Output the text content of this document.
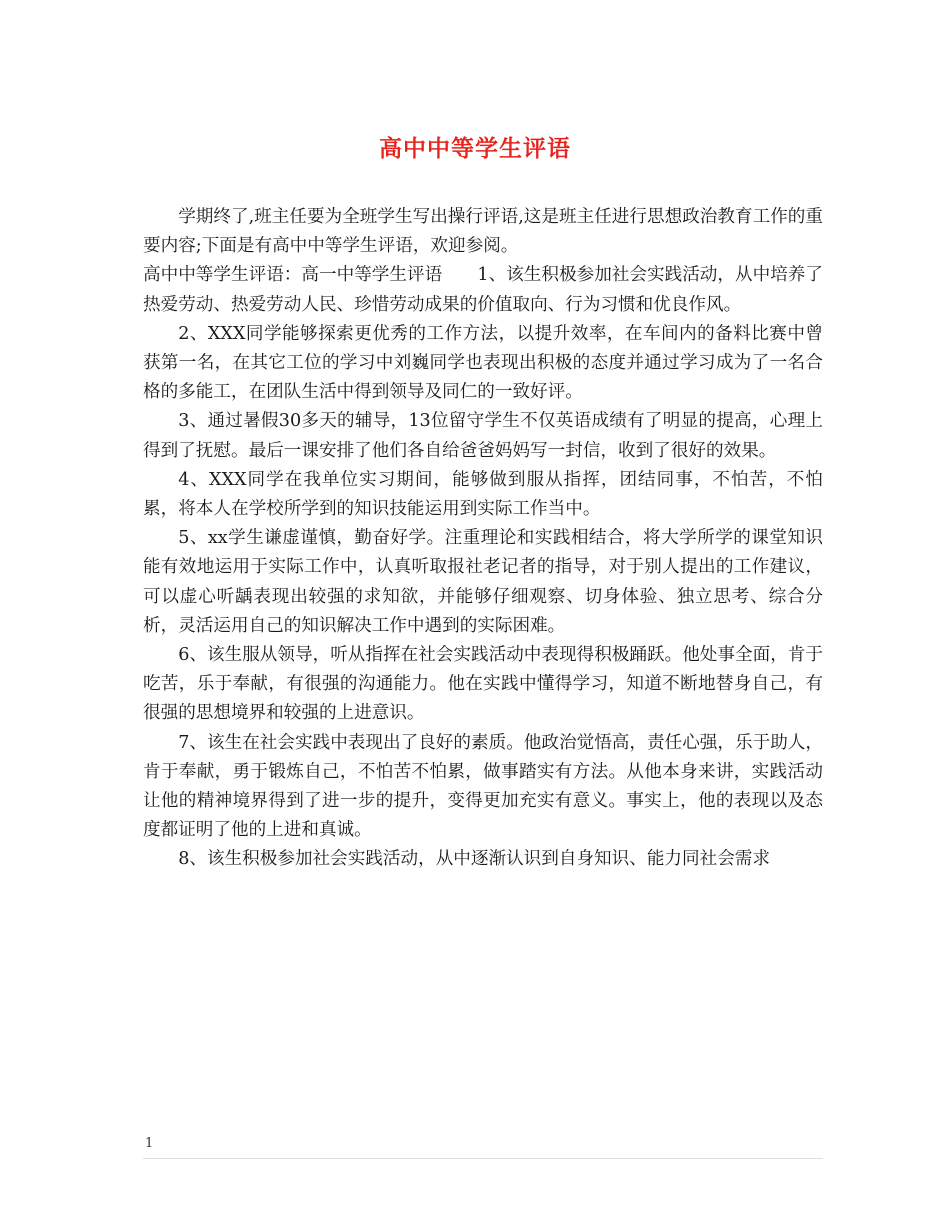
高中中等学生评语

学期终了,班主任要为全班学生写出操行评语,这是班主任进行思想政治教育工作的重要内容;下面是有高中中等学生评语，欢迎参阅。

高中中等学生评语：高一中等学生评语　　1、该生积极参加社会实践活动，从中培养了热爱劳动、热爱劳动人民、珍惜劳动成果的价值取向、行为习惯和优良作风。

2、XXX同学能够探索更优秀的工作方法，以提升效率，在车间内的备料比赛中曾获第一名，在其它工位的学习中刘巍同学也表现出积极的态度并通过学习成为了一名合格的多能工，在团队生活中得到领导及同仁的一致好评。

3、通过暑假30多天的辅导，13位留守学生不仅英语成绩有了明显的提高，心理上得到了抚慰。最后一课安排了他们各自给爸爸妈妈写一封信，收到了很好的效果。

4、XXX同学在我单位实习期间，能够做到服从指挥，团结同事，不怕苦，不怕累，将本人在学校所学到的知识技能运用到实际工作当中。

5、xx学生谦虚谨慎，勤奋好学。注重理论和实践相结合，将大学所学的课堂知识能有效地运用于实际工作中，认真听取报社老记者的指导，对于别人提出的工作建议，可以虚心听龋表现出较强的求知欲，并能够仔细观察、切身体验、独立思考、综合分析，灵活运用自己的知识解决工作中遇到的实际困难。

6、该生服从领导，听从指挥在社会实践活动中表现得积极踊跃。他处事全面，肯于吃苦，乐于奉献，有很强的沟通能力。他在实践中懂得学习，知道不断地替身自己，有很强的思想境界和较强的上进意识。

7、该生在社会实践中表现出了良好的素质。他政治觉悟高，责任心强，乐于助人，肯于奉献，勇于锻炼自己，不怕苦不怕累，做事踏实有方法。从他本身来讲，实践活动让他的精神境界得到了进一步的提升，变得更加充实有意义。事实上，他的表现以及态度都证明了他的上进和真诚。

8、该生积极参加社会实践活动，从中逐渐认识到自身知识、能力同社会需求

1
